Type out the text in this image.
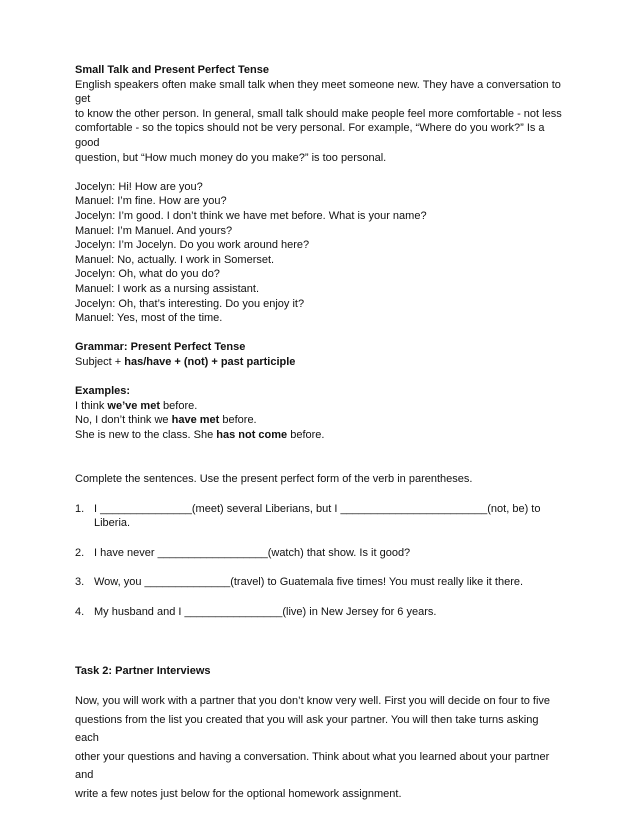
Small Talk and Present Perfect Tense

English speakers often make small talk when they meet someone new. They have a conversation to get

to know the other person. In general, small talk should make people feel more comfortable - not less

comfortable - so the topics should not be very personal. For example, “Where do you work?” Is a good

question, but “How much money do you make?” is too personal.

Jocelyn: Hi! How are you?

Manuel: I’m fine. How are you?

Jocelyn: I’m good. I don’t think we have met before. What is your name?

Manuel: I’m Manuel. And yours?

Jocelyn: I’m Jocelyn. Do you work around here?

Manuel: No, actually. I work in Somerset.

Jocelyn: Oh, what do you do?

Manuel: I work as a nursing assistant.

Jocelyn: Oh, that’s interesting. Do you enjoy it?

Manuel: Yes, most of the time.

Grammar: Present Perfect Tense

Subject + has/have + (not) + past participle

Examples:

I think we’ve met before.

No, I don’t think we have met before.

She is new to the class. She has not come before.

Complete the sentences. Use the present perfect form of the verb in parentheses.

1. I _______________(meet) several Liberians, but I ________________________(not, be) to Liberia.
2. I have never __________________(watch) that show. Is it good?
3. Wow, you ______________(travel) to Guatemala five times! You must really like it there.
4. My husband and I ________________(live) in New Jersey for 6 years.

Task 2: Partner Interviews

Now, you will work with a partner that you don’t know very well. First you will decide on four to five

questions from the list you created that you will ask your partner. You will then take turns asking each

other your questions and having a conversation. Think about what you learned about your partner and

write a few notes just below for the optional homework assignment.
